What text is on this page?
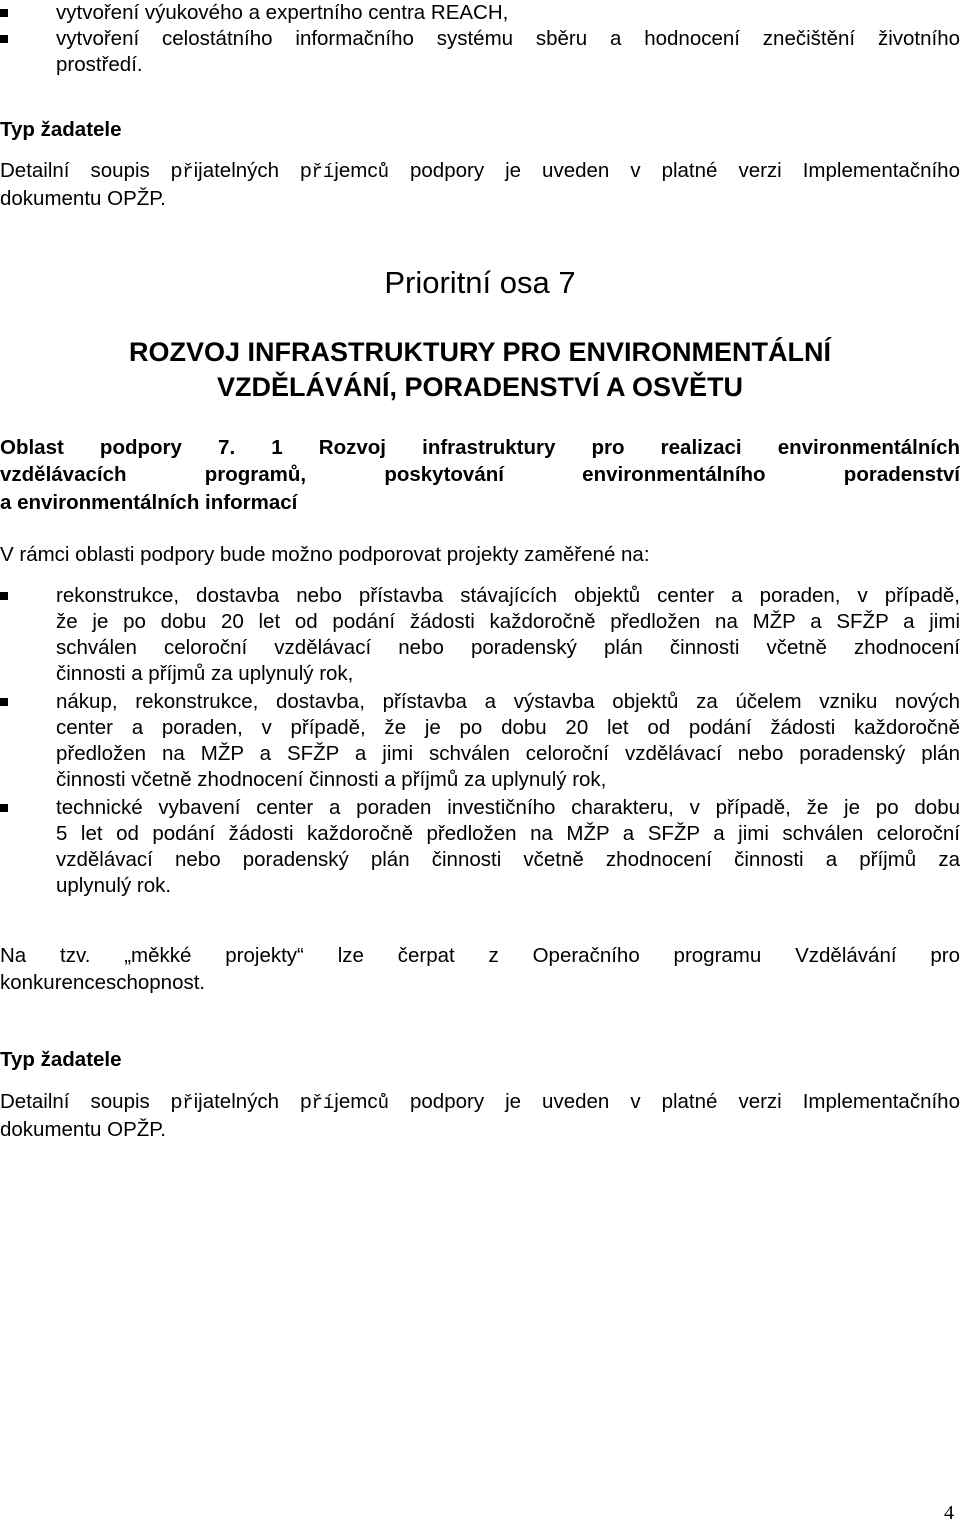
vytvoření výukového a expertního centra REACH,
vytvoření celostátního informačního systému sběru a hodnocení znečištění životního
prostředí.
Typ žadatele
Detailní soupis přijatelných příjemců podpory je uveden v platné verzi Implementačního
dokumentu OPŽP.
Prioritní osa 7
ROZVOJ INFRASTRUKTURY PRO ENVIRONMENTÁLNÍ
VZDĚLÁVÁNÍ, PORADENSTVÍ A OSVĚTU
Oblast podpory 7. 1 Rozvoj infrastruktury pro realizaci environmentálních
vzdělávacích programů, poskytování environmentálního poradenství
a environmentálních informací
V rámci oblasti podpory bude možno podporovat projekty zaměřené na:
rekonstrukce, dostavba nebo přístavba stávajících objektů center a poraden, v případě,
že je po dobu 20 let od podání žádosti každoročně předložen na MŽP a SFŽP a jimi
schválen celoroční vzdělávací nebo poradenský plán činnosti včetně zhodnocení
činnosti a příjmů za uplynulý rok,
nákup, rekonstrukce, dostavba, přístavba a výstavba objektů za účelem vzniku nových
center a poraden, v případě, že je po dobu 20 let od podání žádosti každoročně
předložen na MŽP a SFŽP a jimi schválen celoroční vzdělávací nebo poradenský plán
činnosti včetně zhodnocení činnosti a příjmů za uplynulý rok,
technické vybavení center a poraden investičního charakteru, v případě, že je po dobu
5 let od podání žádosti každoročně předložen na MŽP a SFŽP a jimi schválen celoroční
vzdělávací nebo poradenský plán činnosti včetně zhodnocení činnosti a příjmů za
uplynulý rok.
Na tzv. „měkké projekty“ lze čerpat z Operačního programu Vzdělávání pro
konkurenceschopnost.
Typ žadatele
Detailní soupis přijatelných příjemců podpory je uveden v platné verzi Implementačního
dokumentu OPŽP.
4
